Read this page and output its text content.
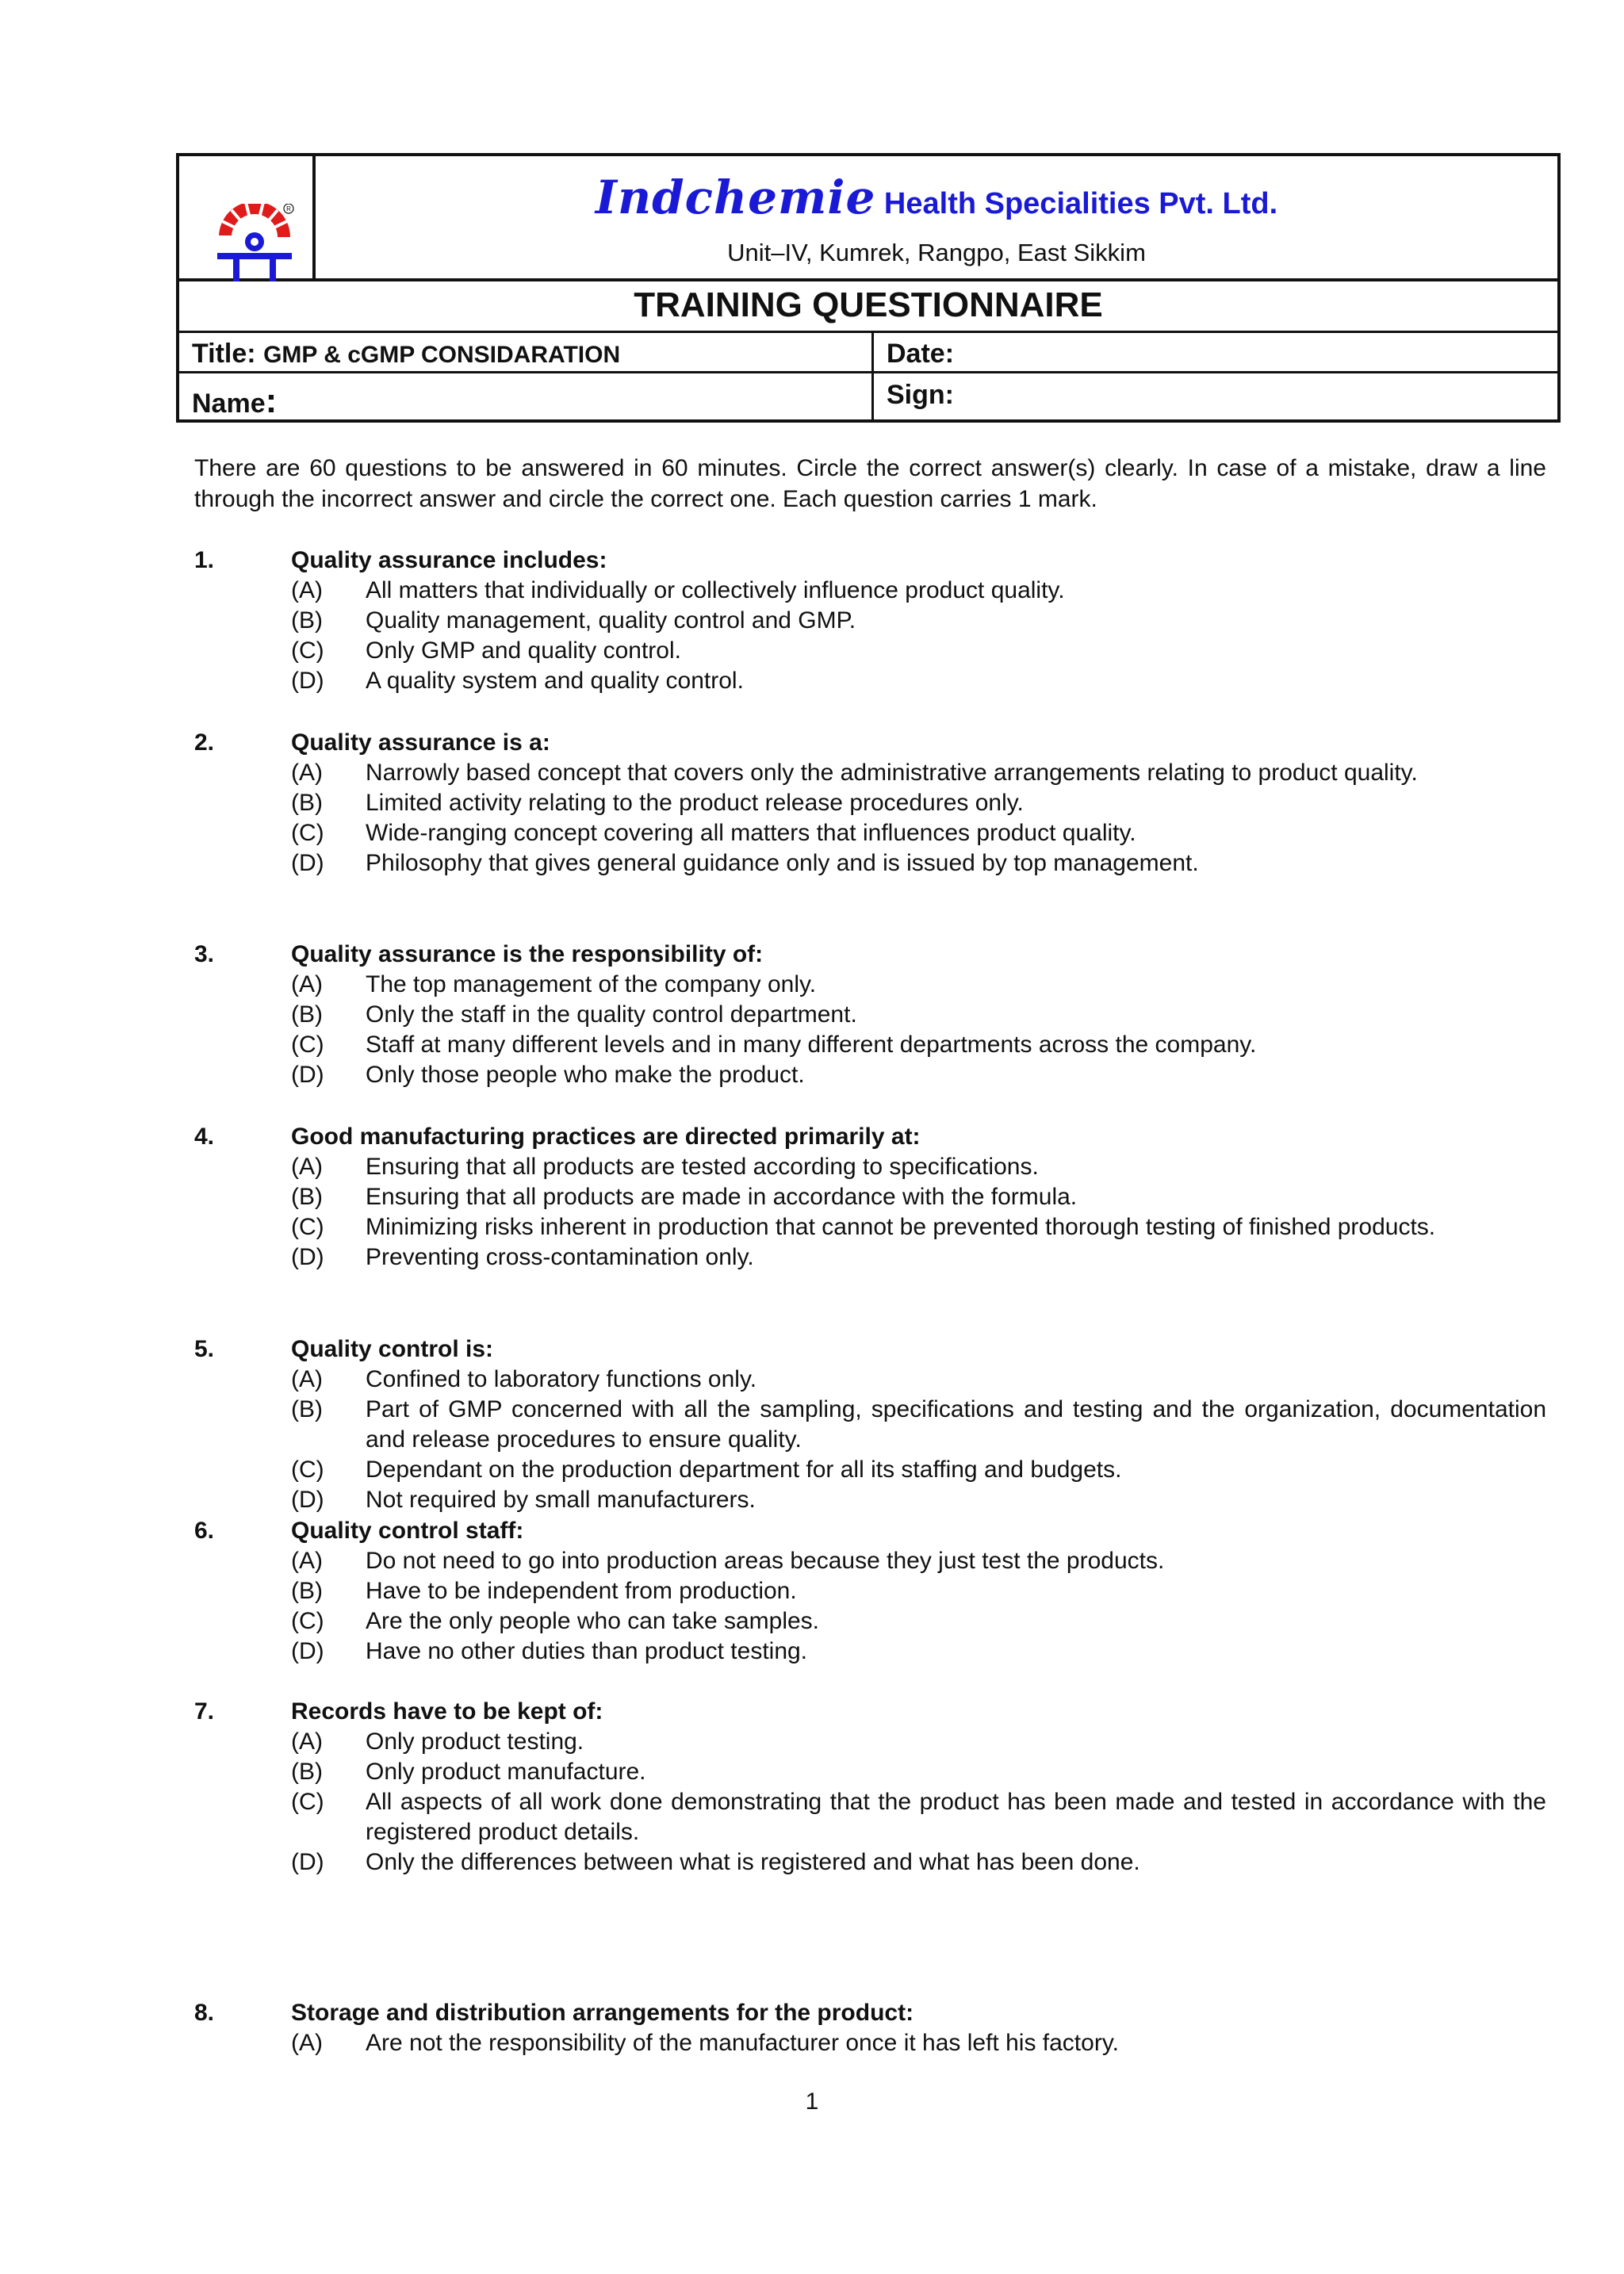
R	Indchemie Health Specialities Pvt. Ltd.
Unit–IV, Kumrek, Rangpo, East Sikkim
TRAINING QUESTIONNAIRE
Title: GMP & cGMP CONSIDARATION	Date:
Name:	Sign:
There are 60 questions to be answered in 60 minutes. Circle the correct answer(s) clearly. In case of a mistake, draw a line through the incorrect answer and circle the correct one. Each question carries 1 mark.
1.	Quality assurance includes:
(A) All matters that individually or collectively influence product quality.
(B) Quality management, quality control and GMP.
(C) Only GMP and quality control.
(D) A quality system and quality control.
2.	Quality assurance is a:
(A) Narrowly based concept that covers only the administrative arrangements relating to product quality.
(B) Limited activity relating to the product release procedures only.
(C) Wide-ranging concept covering all matters that influences product quality.
(D) Philosophy that gives general guidance only and is issued by top management.
3.	Quality assurance is the responsibility of:
(A) The top management of the company only.
(B) Only the staff in the quality control department.
(C) Staff at many different levels and in many different departments across the company.
(D) Only those people who make the product.
4.	Good manufacturing practices are directed primarily at:
(A) Ensuring that all products are tested according to specifications.
(B) Ensuring that all products are made in accordance with the formula.
(C) Minimizing risks inherent in production that cannot be prevented thorough testing of finished products.
(D) Preventing cross-contamination only.
5.	Quality control is:
(A) Confined to laboratory functions only.
(B) Part of GMP concerned with all the sampling, specifications and testing and the organization, documentation and release procedures to ensure quality.
(C) Dependant on the production department for all its staffing and budgets.
(D) Not required by small manufacturers.
6.	Quality control staff:
(A) Do not need to go into production areas because they just test the products.
(B) Have to be independent from production.
(C) Are the only people who can take samples.
(D) Have no other duties than product testing.
7.	Records have to be kept of:
(A) Only product testing.
(B) Only product manufacture.
(C) All aspects of all work done demonstrating that the product has been made and tested in accordance with the registered product details.
(D) Only the differences between what is registered and what has been done.
8.	Storage and distribution arrangements for the product:
(A) Are not the responsibility of the manufacturer once it has left his factory.
1
